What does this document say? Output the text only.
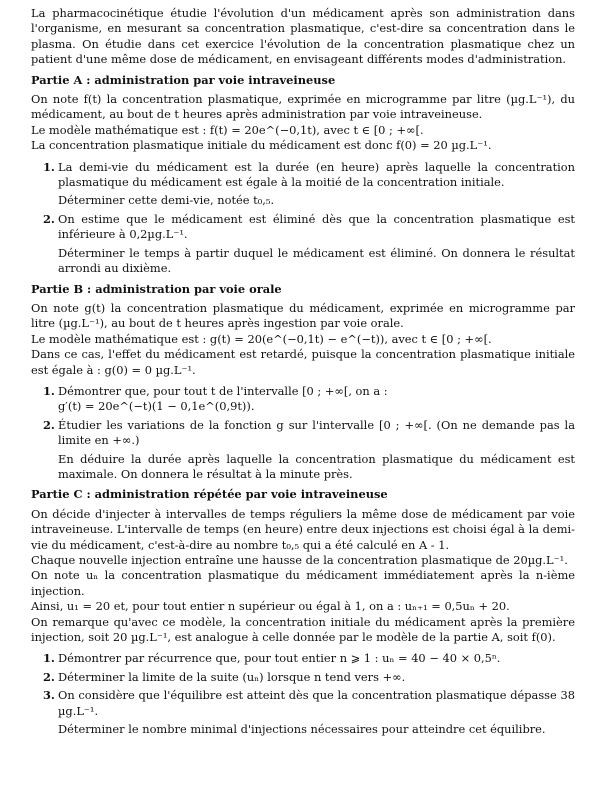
La pharmacocinétique étudie l'évolution d'un médicament après son administration dans l'organisme, en mesurant sa concentration plasmatique, c'est-dire sa concentration dans le plasma. On étudie dans cet exercice l'évolution de la concentration plasmatique chez un patient d'une même dose de médicament, en envisageant différents modes d'administration.

Partie A : administration par voie intraveineuse

On note f(t) la concentration plasmatique, exprimée en microgramme par litre (µg.L⁻¹), du médicament, au bout de t heures après administration par voie intraveineuse.

Le modèle mathématique est : f(t) = 20e^(−0,1t), avec t ∈ [0 ; +∞[.

La concentration plasmatique initiale du médicament est donc f(0) = 20 µg.L⁻¹.

1. La demi-vie du médicament est la durée (en heure) après laquelle la concentration plasmatique du médicament est égale à la moitié de la concentration initiale.

Déterminer cette demi-vie, notée t₀,₅.

2. On estime que le médicament est éliminé dès que la concentration plasmatique est inférieure à 0,2µg.L⁻¹.

Déterminer le temps à partir duquel le médicament est éliminé. On donnera le résultat arrondi au dixième.

Partie B : administration par voie orale

On note g(t) la concentration plasmatique du médicament, exprimée en microgramme par litre (µg.L⁻¹), au bout de t heures après ingestion par voie orale.

Le modèle mathématique est : g(t) = 20(e^(−0,1t) − e^(−t)), avec t ∈ [0 ; +∞[.

Dans ce cas, l'effet du médicament est retardé, puisque la concentration plasmatique initiale est égale à : g(0) = 0 µg.L⁻¹.

1. Démontrer que, pour tout t de l'intervalle [0 ; +∞[, on a :

g′(t) = 20e^(−t)(1 − 0,1e^(0,9t)).

2. Étudier les variations de la fonction g sur l'intervalle [0 ; +∞[. (On ne demande pas la limite en +∞.)

En déduire la durée après laquelle la concentration plasmatique du médicament est maximale. On donnera le résultat à la minute près.

Partie C : administration répétée par voie intraveineuse

On décide d'injecter à intervalles de temps réguliers la même dose de médicament par voie intraveineuse. L'intervalle de temps (en heure) entre deux injections est choisi égal à la demi-vie du médicament, c'est-à-dire au nombre t₀,₅ qui a été calculé en A - 1.

Chaque nouvelle injection entraîne une hausse de la concentration plasmatique de 20µg.L⁻¹.

On note uₙ la concentration plasmatique du médicament immédiatement après la n-ième injection.

Ainsi, u₁ = 20 et, pour tout entier n supérieur ou égal à 1, on a : uₙ₊₁ = 0,5uₙ + 20.

On remarque qu'avec ce modèle, la concentration initiale du médicament après la première injection, soit 20 µg.L⁻¹, est analogue à celle donnée par le modèle de la partie A, soit f(0).

1. Démontrer par récurrence que, pour tout entier n ⩾ 1 : uₙ = 40 − 40 × 0,5ⁿ.

2. Déterminer la limite de la suite (uₙ) lorsque n tend vers +∞.

3. On considère que l'équilibre est atteint dès que la concentration plasmatique dépasse 38 µg.L⁻¹.

Déterminer le nombre minimal d'injections nécessaires pour atteindre cet équilibre.
